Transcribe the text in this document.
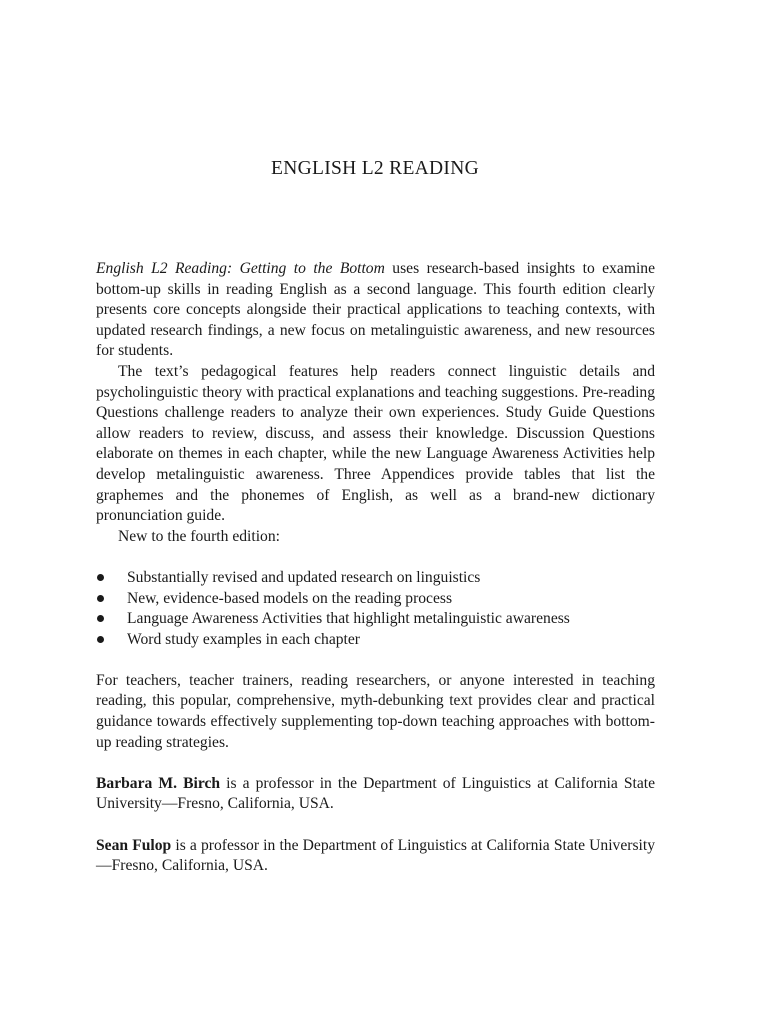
ENGLISH L2 READING

English L2 Reading: Getting to the Bottom uses research-based insights to examine bottom-up skills in reading English as a second language. This fourth edition clearly presents core concepts alongside their practical applications to teaching contexts, with updated research findings, a new focus on metalinguistic awareness, and new resources for students.

The text’s pedagogical features help readers connect linguistic details and psycholinguistic theory with practical explanations and teaching suggestions. Pre-reading Questions challenge readers to analyze their own experiences. Study Guide Questions allow readers to review, discuss, and assess their knowledge. Discussion Questions elaborate on themes in each chapter, while the new Language Awareness Activities help develop metalinguistic awareness. Three Appendices provide tables that list the graphemes and the phonemes of English, as well as a brand-new dictionary pronunciation guide.

New to the fourth edition:

Substantially revised and updated research on linguistics
New, evidence-based models on the reading process
Language Awareness Activities that highlight metalinguistic awareness
Word study examples in each chapter

For teachers, teacher trainers, reading researchers, or anyone interested in teaching reading, this popular, comprehensive, myth-debunking text provides clear and practical guidance towards effectively supplementing top-down teaching approaches with bottom-up reading strategies.

Barbara M. Birch is a professor in the Department of Linguistics at California State University—Fresno, California, USA.

Sean Fulop is a professor in the Department of Linguistics at California State University—Fresno, California, USA.
